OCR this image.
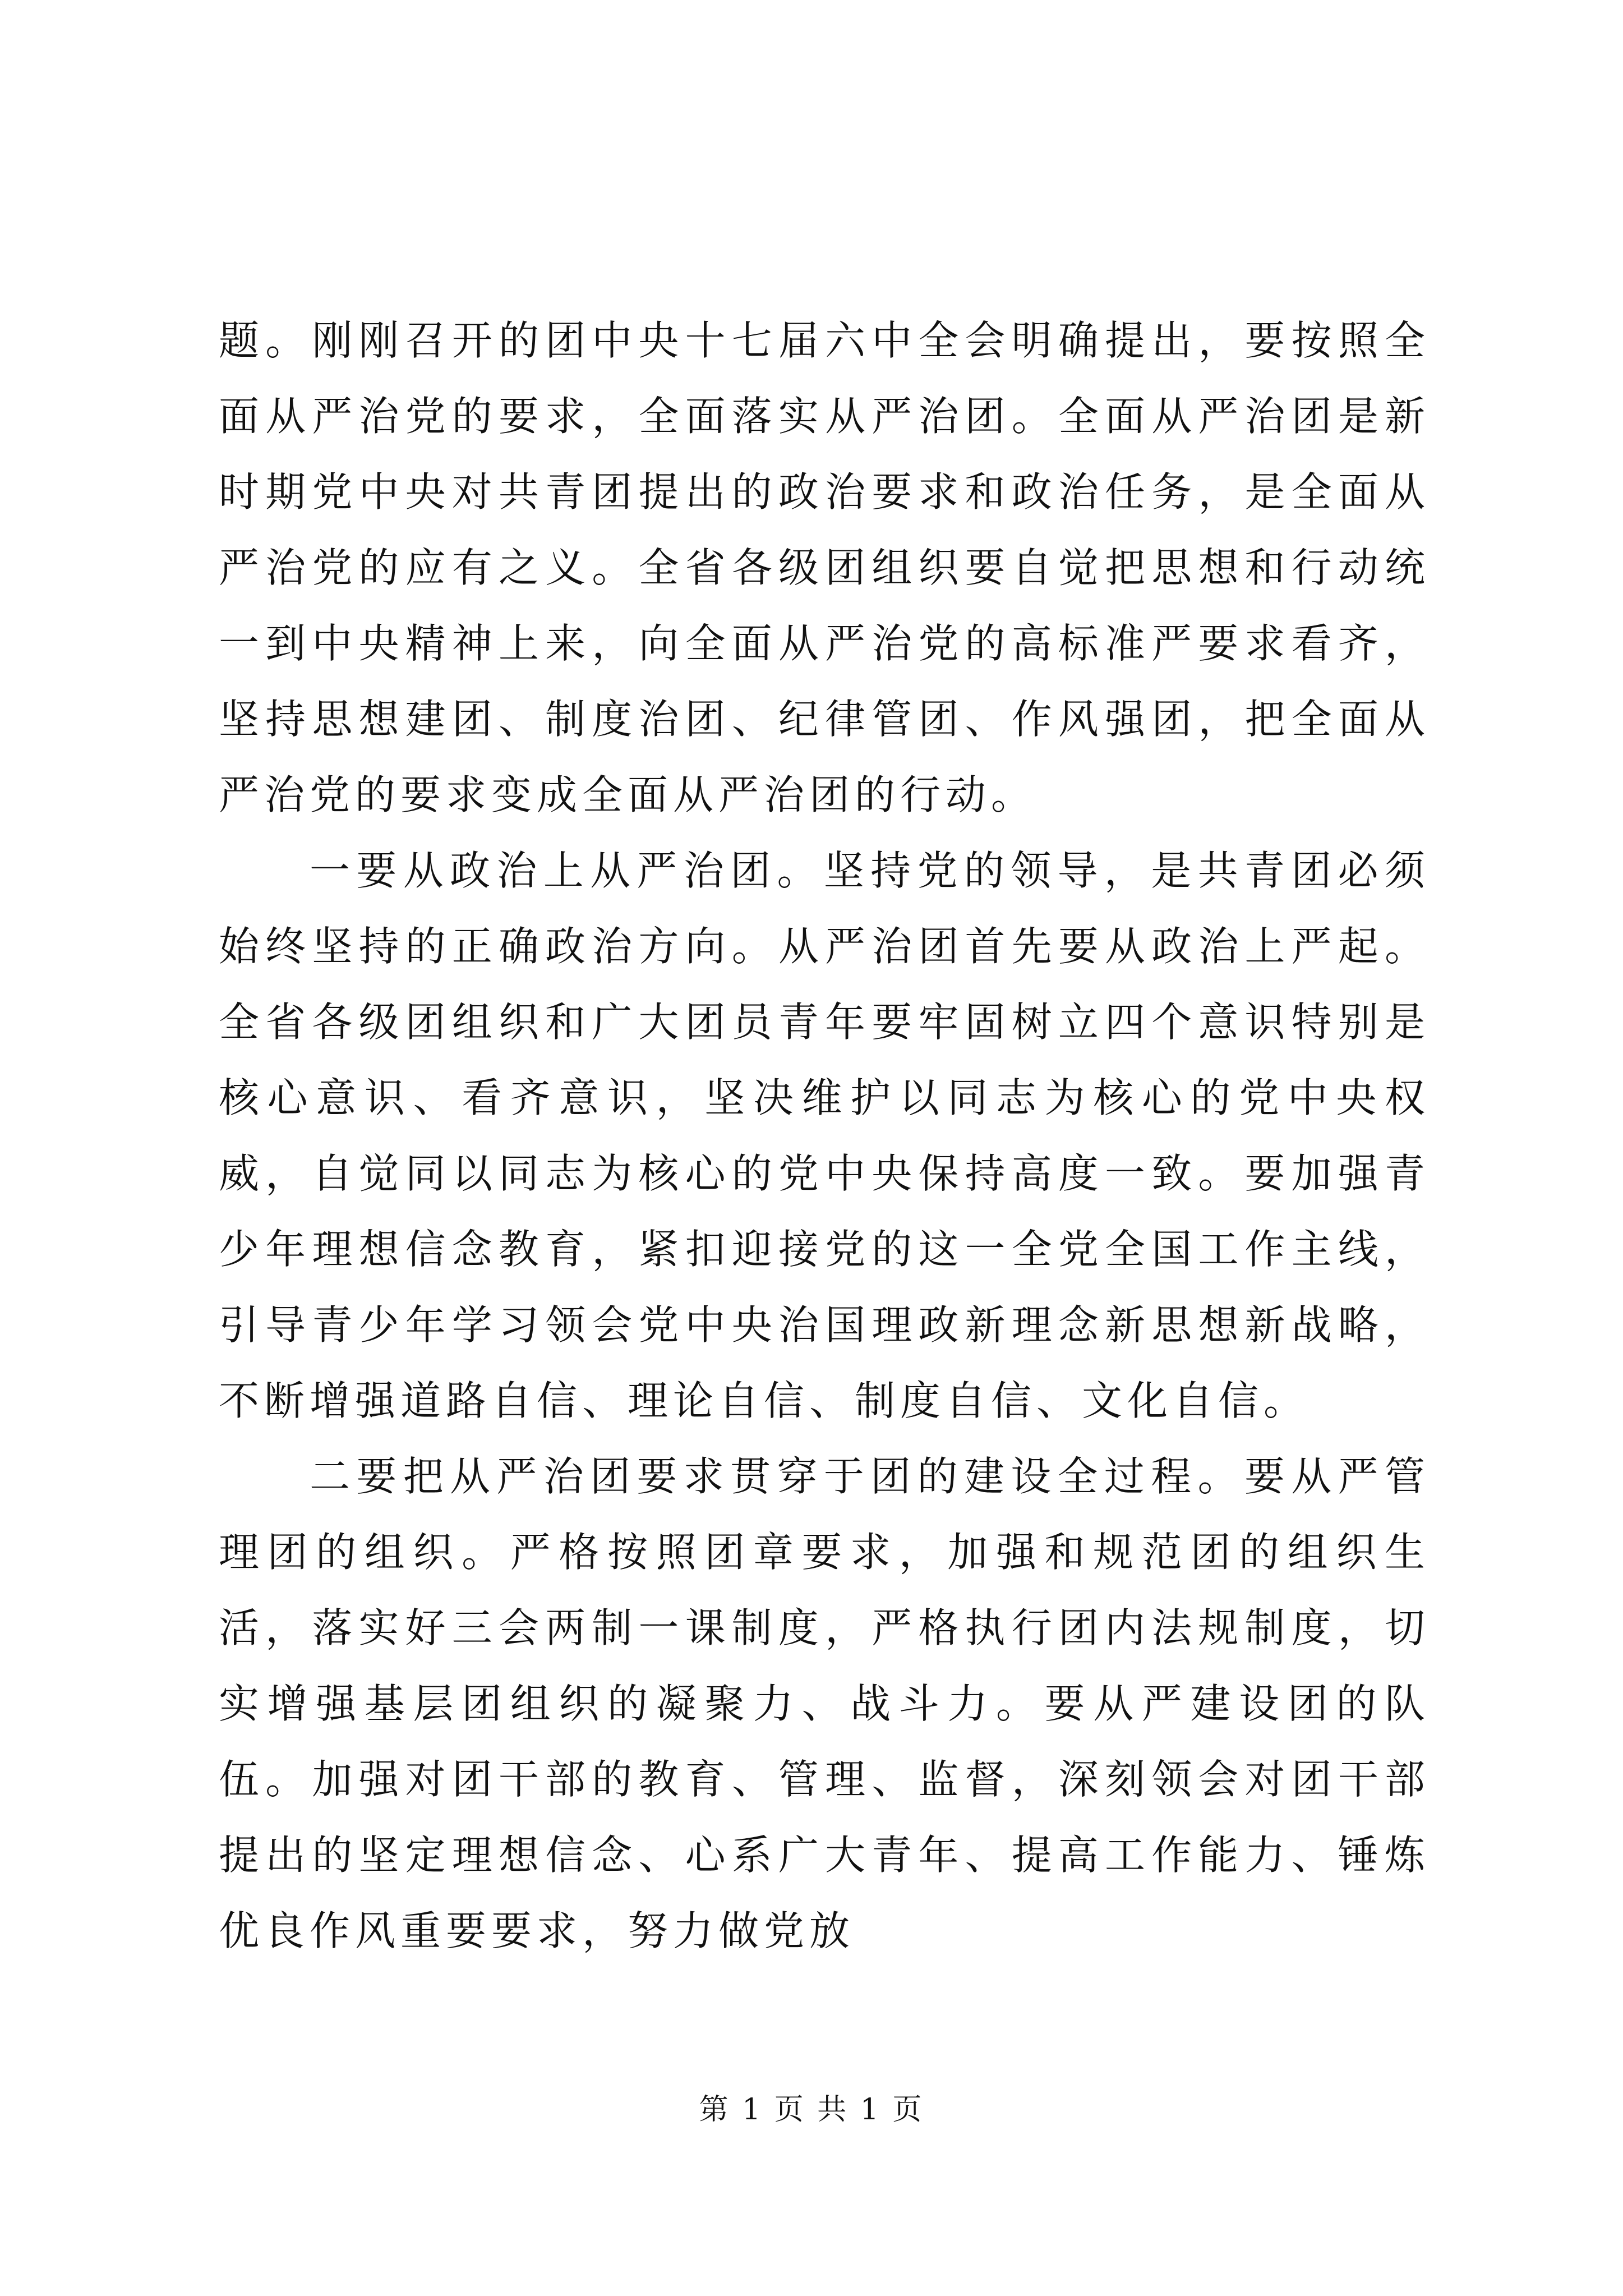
题。刚刚召开的团中央十七届六中全会明确提出，要按照全面从严治党的要求，全面落实从严治团。全面从严治团是新时期党中央对共青团提出的政治要求和政治任务，是全面从严治党的应有之义。全省各级团组织要自觉把思想和行动统一到中央精神上来，向全面从严治党的高标准严要求看齐，坚持思想建团、制度治团、纪律管团、作风强团，把全面从严治党的要求变成全面从严治团的行动。

一要从政治上从严治团。坚持党的领导，是共青团必须始终坚持的正确政治方向。从严治团首先要从政治上严起。全省各级团组织和广大团员青年要牢固树立四个意识特别是核心意识、看齐意识，坚决维护以同志为核心的党中央权威，自觉同以同志为核心的党中央保持高度一致。要加强青少年理想信念教育，紧扣迎接党的这一全党全国工作主线，引导青少年学习领会党中央治国理政新理念新思想新战略，不断增强道路自信、理论自信、制度自信、文化自信。

二要把从严治团要求贯穿于团的建设全过程。要从严管理团的组织。严格按照团章要求，加强和规范团的组织生活，落实好三会两制一课制度，严格执行团内法规制度，切实增强基层团组织的凝聚力、战斗力。要从严建设团的队伍。加强对团干部的教育、管理、监督，深刻领会对团干部提出的坚定理想信念、心系广大青年、提高工作能力、锤炼优良作风重要要求，努力做党放

第 1 页 共 1 页
